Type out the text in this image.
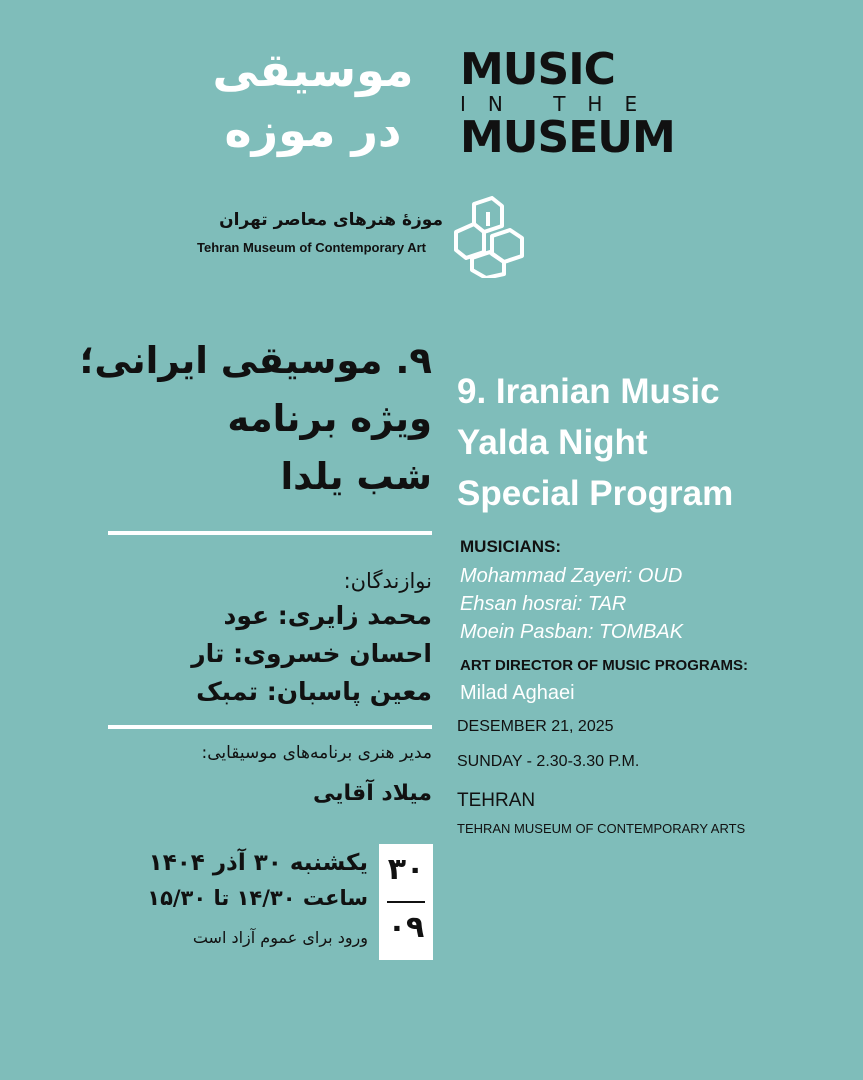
موسیقی
در موزه
MUSIC
IN THE
MUSEUM
موزهٔ هنرهای معاصر تهران
Tehran Museum of Contemporary Art
۹. موسیقی ایرانی؛
ویژه برنامه
شب یلدا
نوازندگان:
محمد زایری: عود
احسان خسروی: تار
معین پاسبان: تمبک
مدیر هنری برنامه‌های موسیقایی:
میلاد آقایی
۳۰
۰۹
یکشنبه ۳۰ آذر ۱۴۰۴
ساعت ۱۴/۳۰ تا ۱۵/۳۰
ورود برای عموم آزاد است
9. Iranian Music
Yalda Night
Special Program
MUSICIANS:
Mohammad Zayeri: OUD
Ehsan hosrai: TAR
Moein Pasban: TOMBAK
ART DIRECTOR OF MUSIC PROGRAMS:
Milad Aghaei
DESEMBER 21, 2025
SUNDAY - 2.30-3.30 P.M.
TEHRAN
TEHRAN MUSEUM OF CONTEMPORARY ARTS
